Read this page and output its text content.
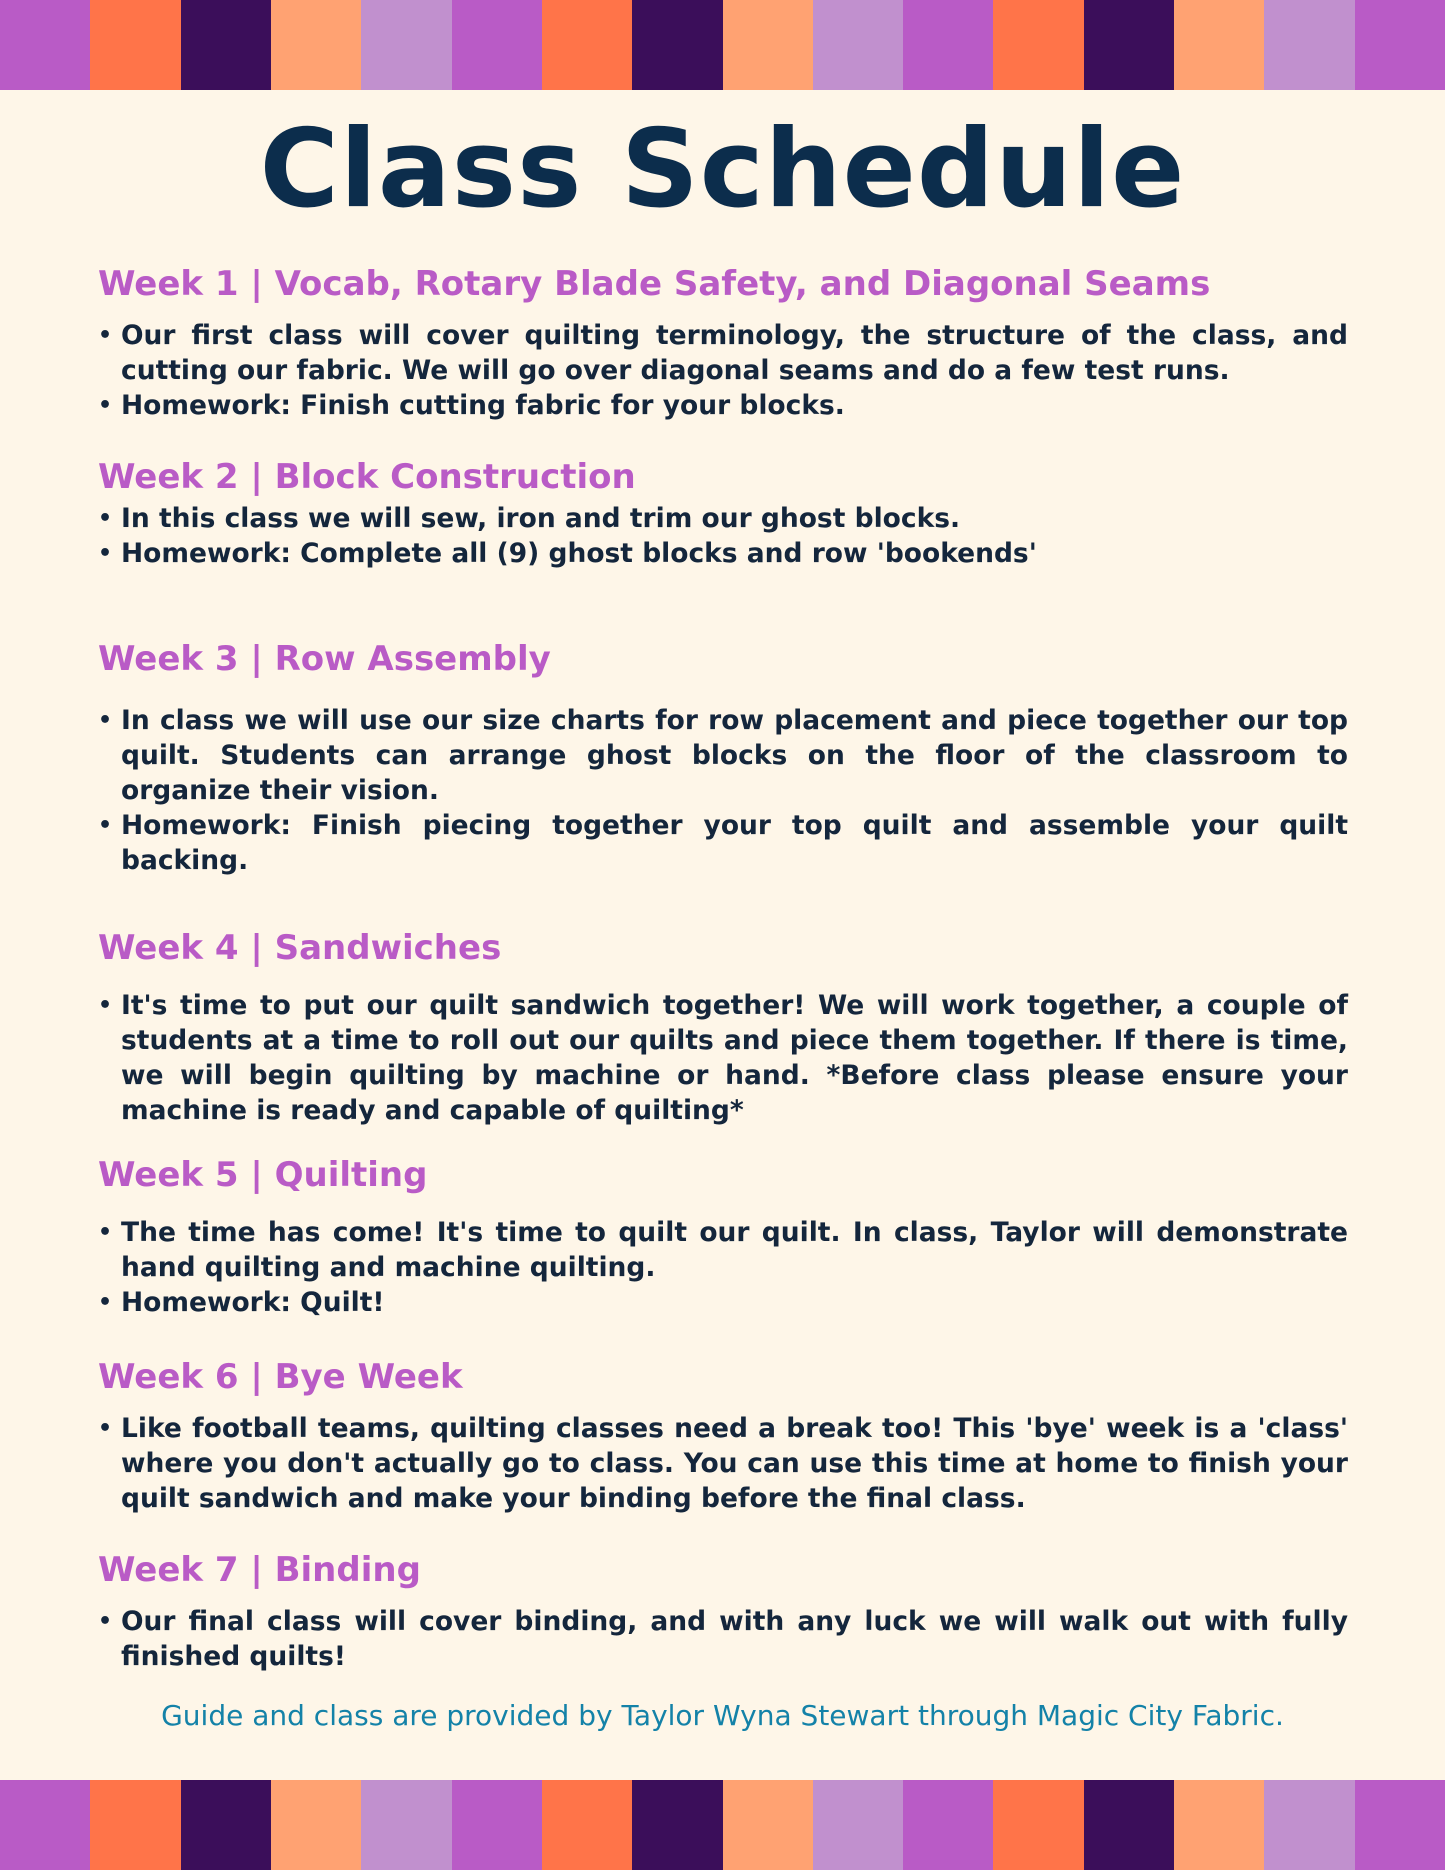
Class Schedule
Week 1 | Vocab, Rotary Blade Safety, and Diagonal Seams
• Our first class will cover quilting terminology, the structure of the class, and cutting our fabric. We will go over diagonal seams and do a few test runs.
• Homework: Finish cutting fabric for your blocks.
Week 2 | Block Construction
• In this class we will sew, iron and trim our ghost blocks.
• Homework: Complete all (9) ghost blocks and row 'bookends'
Week 3 | Row Assembly
• In class we will use our size charts for row placement and piece together our top quilt. Students can arrange ghost blocks on the floor of the classroom to organize their vision.
• Homework: Finish piecing together your top quilt and assemble your quilt backing.
Week 4 | Sandwiches
• It's time to put our quilt sandwich together! We will work together, a couple of students at a time to roll out our quilts and piece them together. If there is time, we will begin quilting by machine or hand. *Before class please ensure your machine is ready and capable of quilting*
Week 5 | Quilting
• The time has come! It's time to quilt our quilt. In class, Taylor will demonstrate hand quilting and machine quilting.
• Homework: Quilt!
Week 6 | Bye Week
• Like football teams, quilting classes need a break too! This 'bye' week is a 'class' where you don't actually go to class. You can use this time at home to finish your quilt sandwich and make your binding before the final class.
Week 7 | Binding
• Our final class will cover binding, and with any luck we will walk out with fully finished quilts!
Guide and class are provided by Taylor Wyna Stewart through Magic City Fabric.
